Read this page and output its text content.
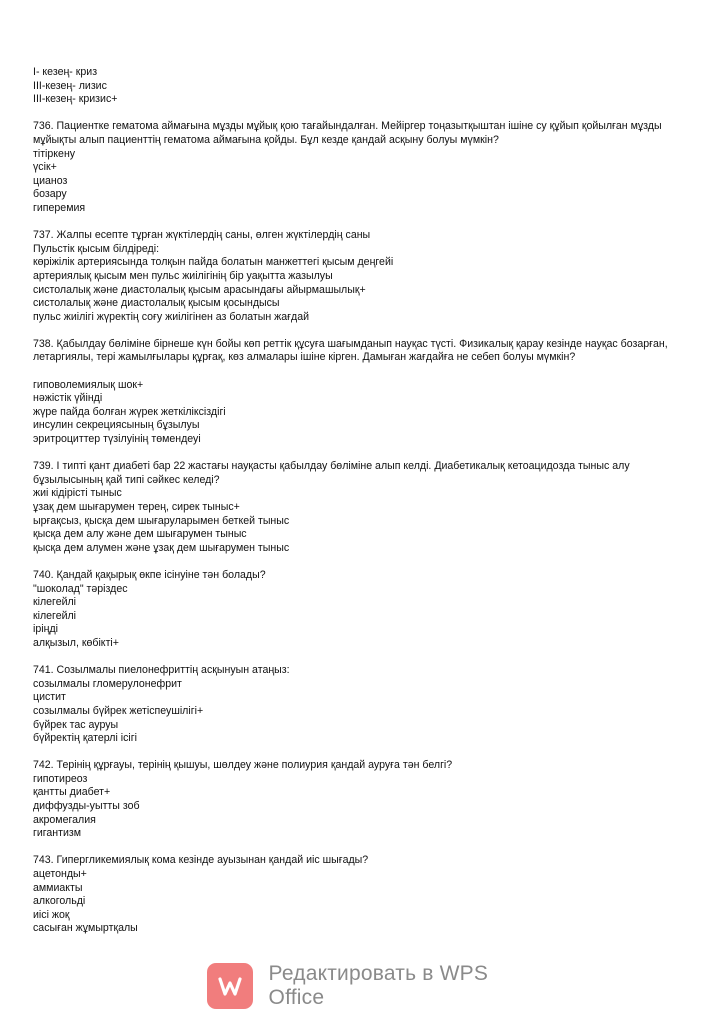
I- кезең- криз
III-кезең- лизис
III-кезең- кризис+
736. Пациентке гематома аймағына мұзды мұйық қою тағайындалған. Мейіргер тоңазытқыштан ішіне су құйып қойылған мұзды мұйықты алып пациенттің гематома аймағына қойды. Бұл кезде қандай асқыну болуы мүмкін?
тітіркену
үсік+
цианоз
бозару
гиперемия
737. Жалпы есепте тұрған жүктілердің саны, өлген жүктілердің саны
Пульстік қысым білдіреді:
көріжілік артериясында толқын пайда болатын манжеттегі қысым деңгейі
артериялық қысым мен пульс жиілігінің бір уақытта жазылуы
систолалық және диастолалық қысым арасындағы айырмашылық+
систолалық және диастолалық қысым қосындысы
пульс жиілігі жүректің соғу жиілігінен аз болатын жағдай
738. Қабылдау бөліміне бірнеше күн бойы көп реттік құсуға шағымданып науқас түсті. Физикалық қарау кезінде науқас бозарған, летаргиялы, тері жамылғылары құрғақ, көз алмалары ішіне кірген. Дамыған жағдайға не себеп болуы мүмкін?
гиповолемиялық шок+
нәжістік үйінді
жүре пайда болған жүрек жеткіліксіздігі
инсулин секрециясының бұзылуы
эритроциттер түзілуінің төмендеуі
739. I типті қант диабеті бар 22 жастағы науқасты қабылдау бөліміне алып келді. Диабетикалық кетоацидозда тыныс алу бұзылысының қай типі сәйкес келеді?
жиі кідірісті тыныс
ұзақ дем шығарумен терең, сирек тыныс+
ырғақсыз, қысқа дем шығаруларымен беткей тыныс
қысқа дем алу және дем шығарумен тыныс
қысқа дем алумен және ұзақ дем шығарумен тыныс
740. Қандай қақырық өкпе ісінуіне тән болады?
"шоколад" тәріздес
кілегейлі
кілегейлі
іріңді
алқызыл, көбікті+
741. Созылмалы пиелонефриттің асқынуын атаңыз:
созылмалы гломерулонефрит
цистит
созылмалы бүйрек жетіспеушілігі+
бүйрек тас ауруы
бүйректің қатерлі ісігі
742. Терінің құрғауы, терінің қышуы, шөлдеу және полиурия қандай ауруға тән белгі?
гипотиреоз
қантты диабет+
диффузды-уытты зоб
акромегалия
гигантизм
743. Гипергликемиялық кома кезінде ауызынан қандай иіс шығады?
ацетонды+
аммиакты
алкогольді
иісі жоқ
сасыған жұмыртқалы
Редактировать в WPS Office
